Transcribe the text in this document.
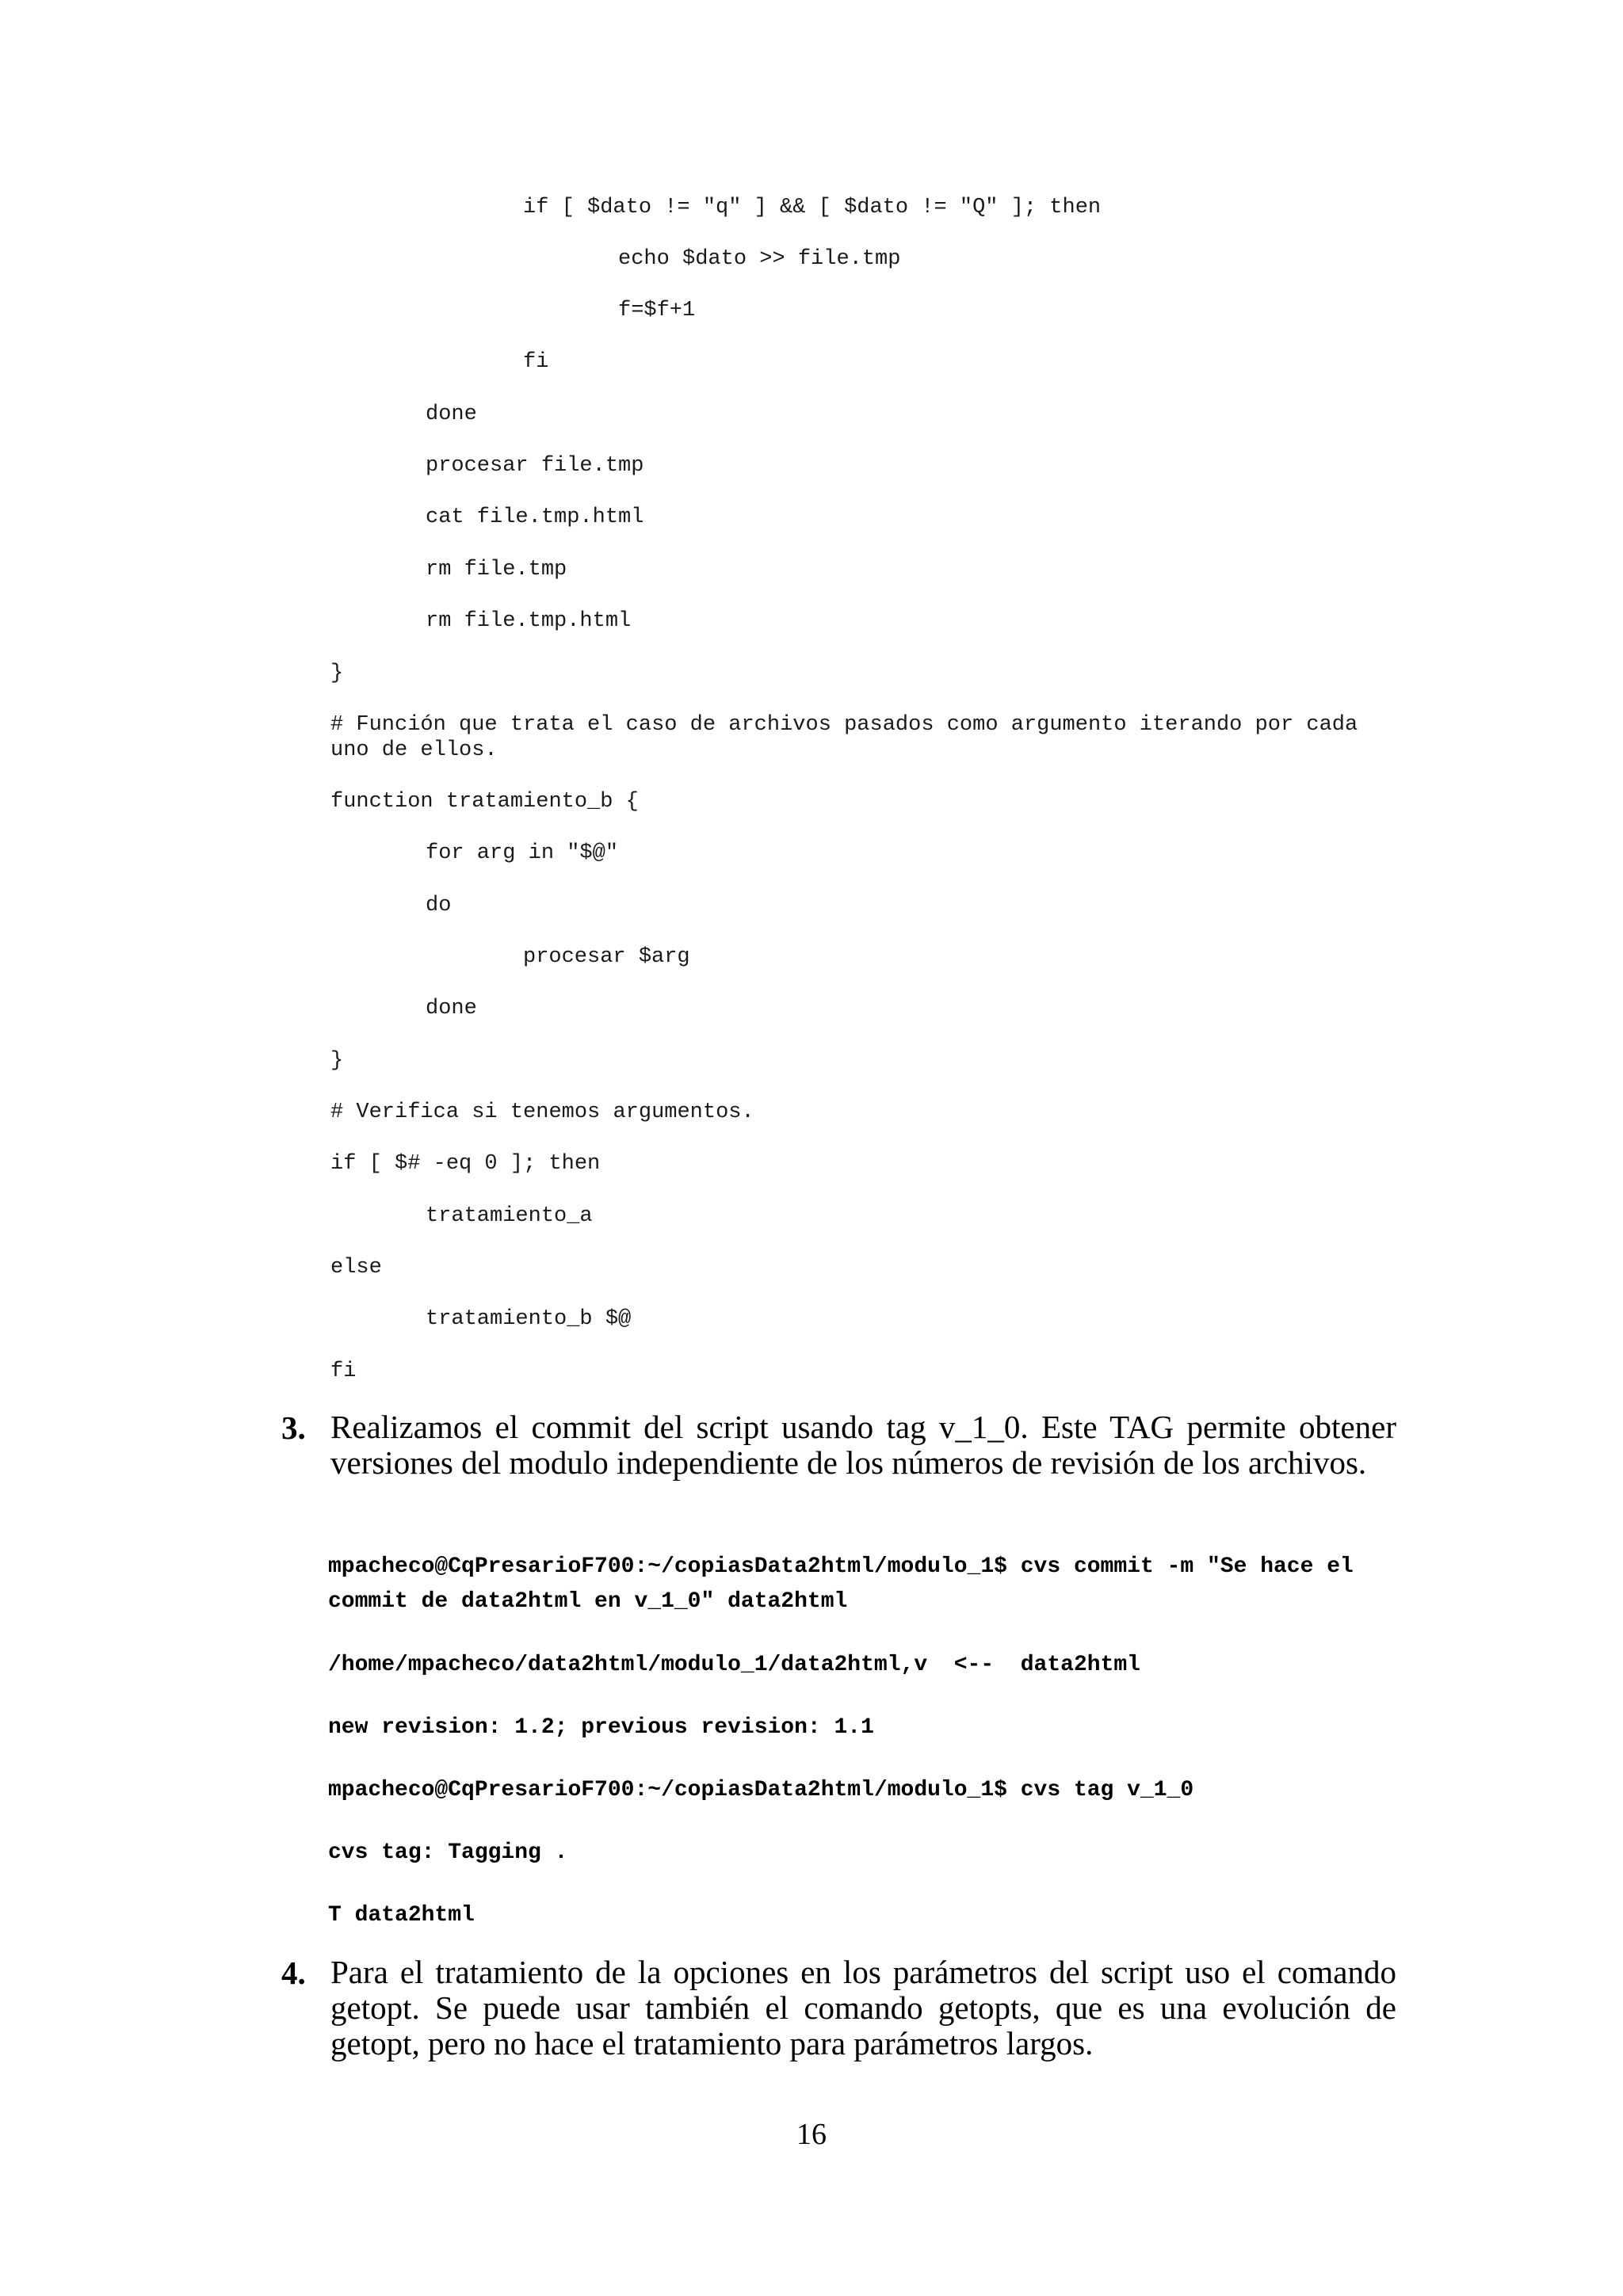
if [ $dato != "q" ] && [ $dato != "Q" ]; then
echo $dato >> file.tmp
f=$f+1
fi
done
procesar file.tmp
cat file.tmp.html
rm file.tmp
rm file.tmp.html
}
# Función que trata el caso de archivos pasados como argumento iterando por cada uno de ellos.
function tratamiento_b {
for arg in "$@"
do
procesar $arg
done
}
# Verifica si tenemos argumentos.
if [ $# -eq 0 ]; then
tratamiento_a
else
tratamiento_b $@
fi
3. Realizamos el commit del script usando tag v_1_0. Este TAG permite obtener versiones del modulo independiente de los números de revisión de los archivos.

mpacheco@CqPresarioF700:~/copiasData2html/modulo_1$ cvs commit -m "Se hace el commit de data2html en v_1_0" data2html
/home/mpacheco/data2html/modulo_1/data2html,v  <--  data2html
new revision: 1.2; previous revision: 1.1
mpacheco@CqPresarioF700:~/copiasData2html/modulo_1$ cvs tag v_1_0
cvs tag: Tagging .
T data2html
4. Para el tratamiento de la opciones en los parámetros del script uso el comando getopt. Se puede usar también el comando getopts, que es una evolución de getopt, pero no hace el tratamiento para parámetros largos.

16
